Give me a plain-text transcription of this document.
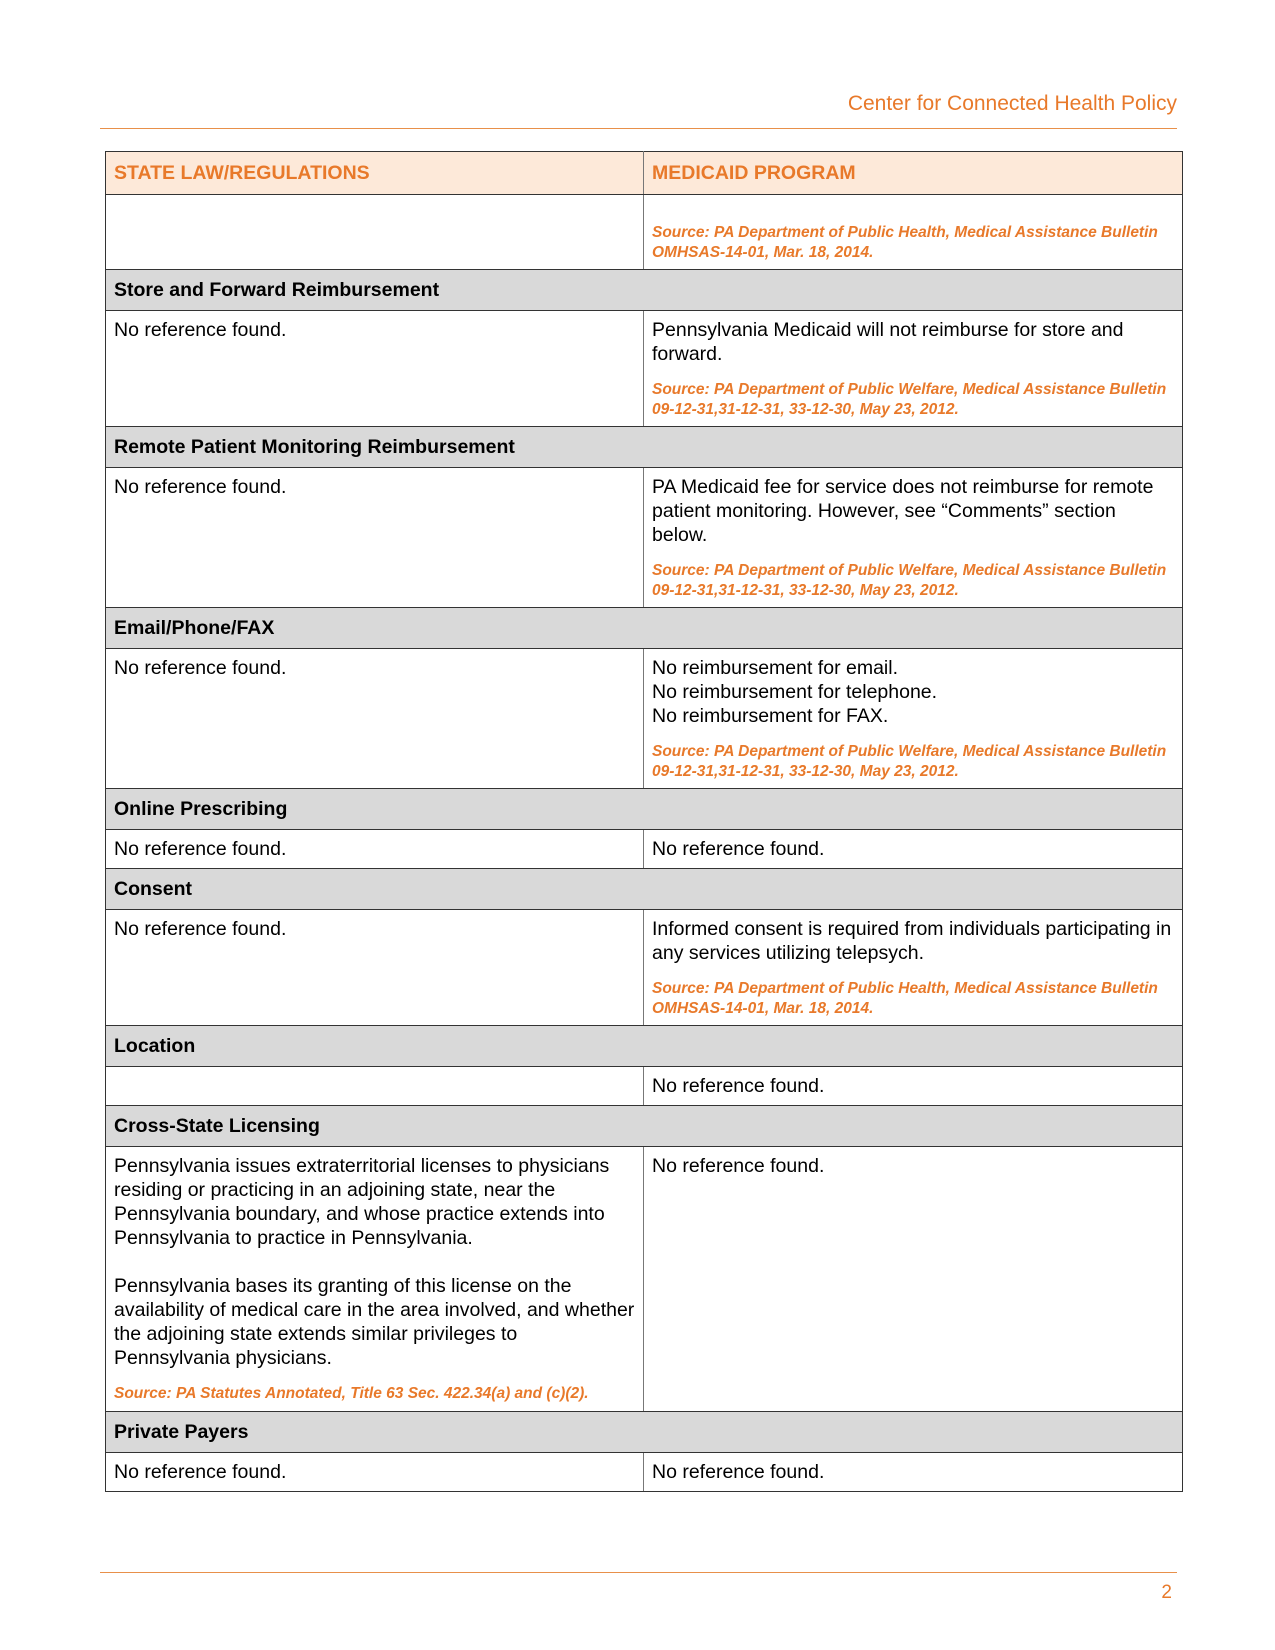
Center for Connected Health Policy
STATE LAW/REGULATIONS	MEDICAID PROGRAM

	Source: PA Department of Public Health, Medical Assistance Bulletin OMHSAS-14-01, Mar. 18, 2014.

Store and Forward Reimbursement	
No reference found.	Pennsylvania Medicaid will not reimburse for store and forward.
Source: PA Department of Public Welfare, Medical Assistance Bulletin 09-12-31,31-12-31, 33-12-30, May 23, 2012.

Remote Patient Monitoring Reimbursement	
No reference found.	PA Medicaid fee for service does not reimburse for remote patient monitoring. However, see “Comments” section below.
Source: PA Department of Public Welfare, Medical Assistance Bulletin 09-12-31,31-12-31, 33-12-30, May 23, 2012.

Email/Phone/FAX	
No reference found.	No reimbursement for email.
No reimbursement for telephone.
No reimbursement for FAX.
Source: PA Department of Public Welfare, Medical Assistance Bulletin 09-12-31,31-12-31, 33-12-30, May 23, 2012.

Online Prescribing	
No reference found.	No reference found.
Consent	
No reference found.	Informed consent is required from individuals participating in any services utilizing telepsych.
Source: PA Department of Public Health, Medical Assistance Bulletin OMHSAS-14-01, Mar. 18, 2014.

Location	
	No reference found.
Cross-State Licensing	

Pennsylvania issues extraterritorial licenses to physicians residing or practicing in an adjoining state, near the Pennsylvania boundary, and whose practice extends into Pennsylvania to practice in Pennsylvania.
Pennsylvania bases its granting of this license on the availability of medical care in the area involved, and whether the adjoining state extends similar privileges to Pennsylvania physicians.
Source: PA Statutes Annotated, Title 63 Sec. 422.34(a) and (c)(2).	No reference found.
Private Payers	
No reference found.	No reference found.
2
